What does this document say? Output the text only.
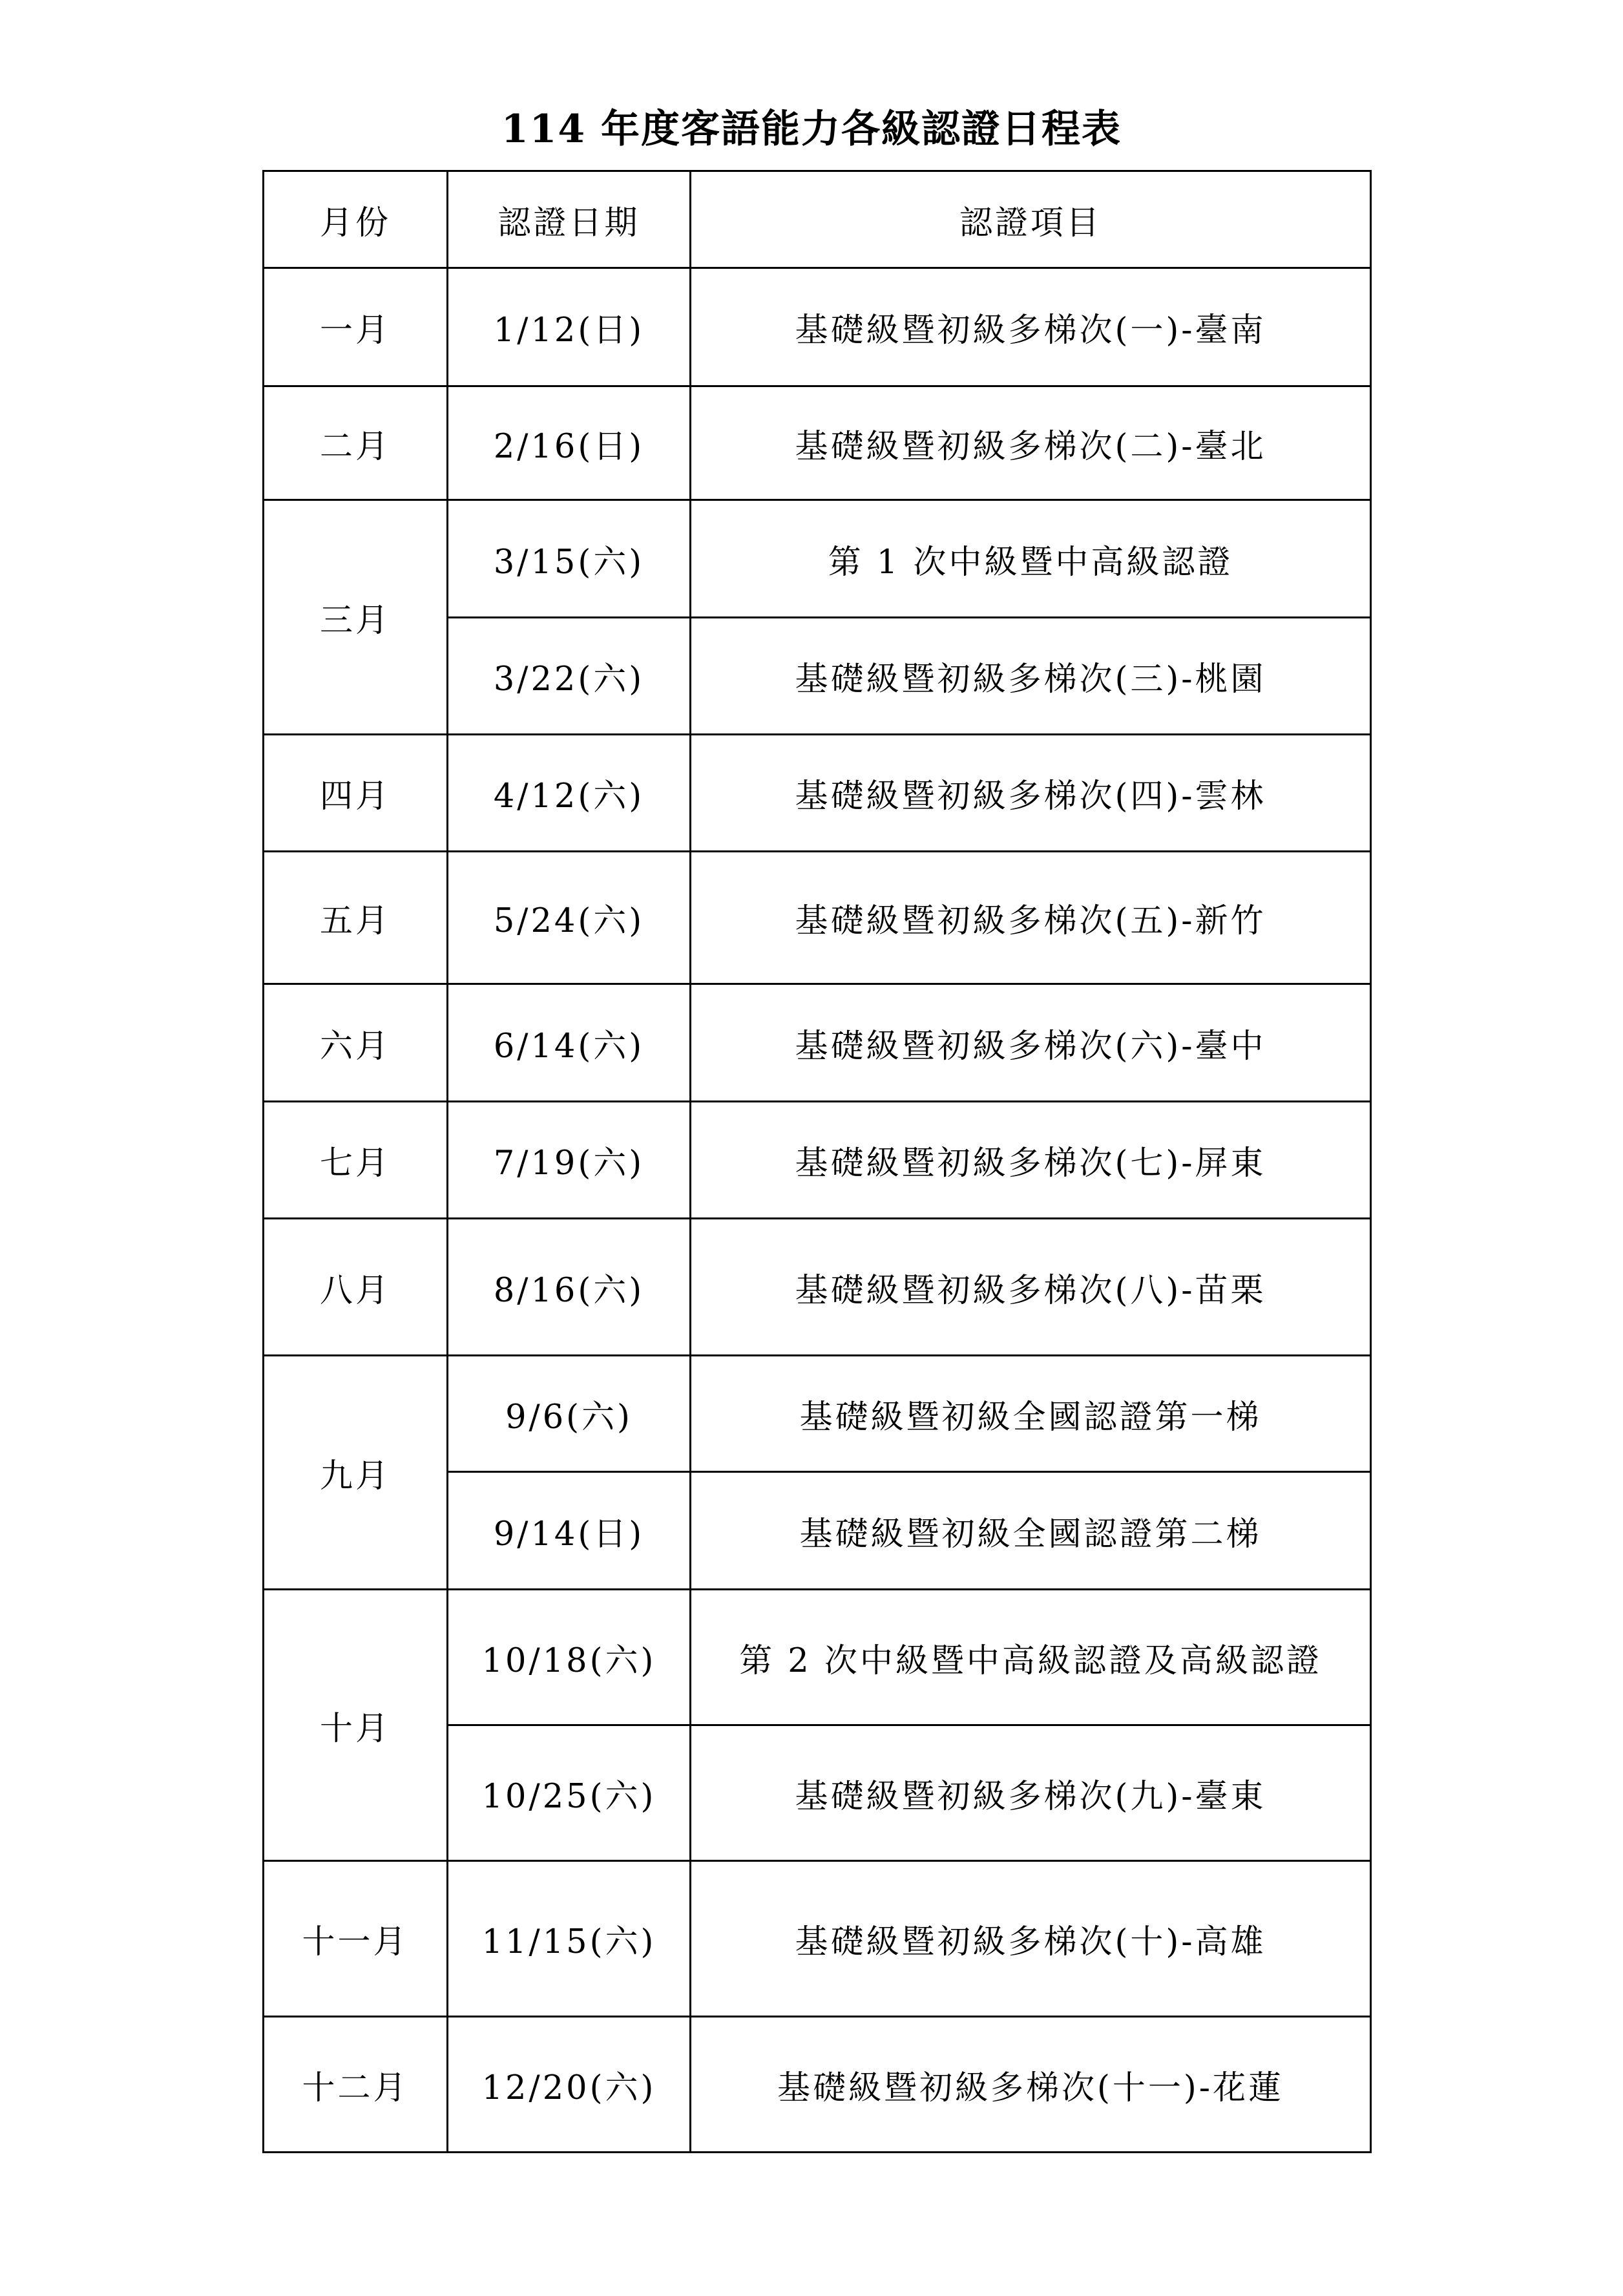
114 年度客語能力各級認證日程表
月份	認證日期	認證項目
一月	1/12(日)	基礎級暨初級多梯次(一)-臺南
二月	2/16(日)	基礎級暨初級多梯次(二)-臺北
三月	3/15(六)	第 1 次中級暨中高級認證
	3/22(六)	基礎級暨初級多梯次(三)-桃園
四月	4/12(六)	基礎級暨初級多梯次(四)-雲林
五月	5/24(六)	基礎級暨初級多梯次(五)-新竹
六月	6/14(六)	基礎級暨初級多梯次(六)-臺中
七月	7/19(六)	基礎級暨初級多梯次(七)-屏東
八月	8/16(六)	基礎級暨初級多梯次(八)-苗栗
九月	9/6(六)	基礎級暨初級全國認證第一梯
	9/14(日)	基礎級暨初級全國認證第二梯
十月	10/18(六)	第 2 次中級暨中高級認證及高級認證
	10/25(六)	基礎級暨初級多梯次(九)-臺東
十一月	11/15(六)	基礎級暨初級多梯次(十)-高雄
十二月	12/20(六)	基礎級暨初級多梯次(十一)-花蓮
